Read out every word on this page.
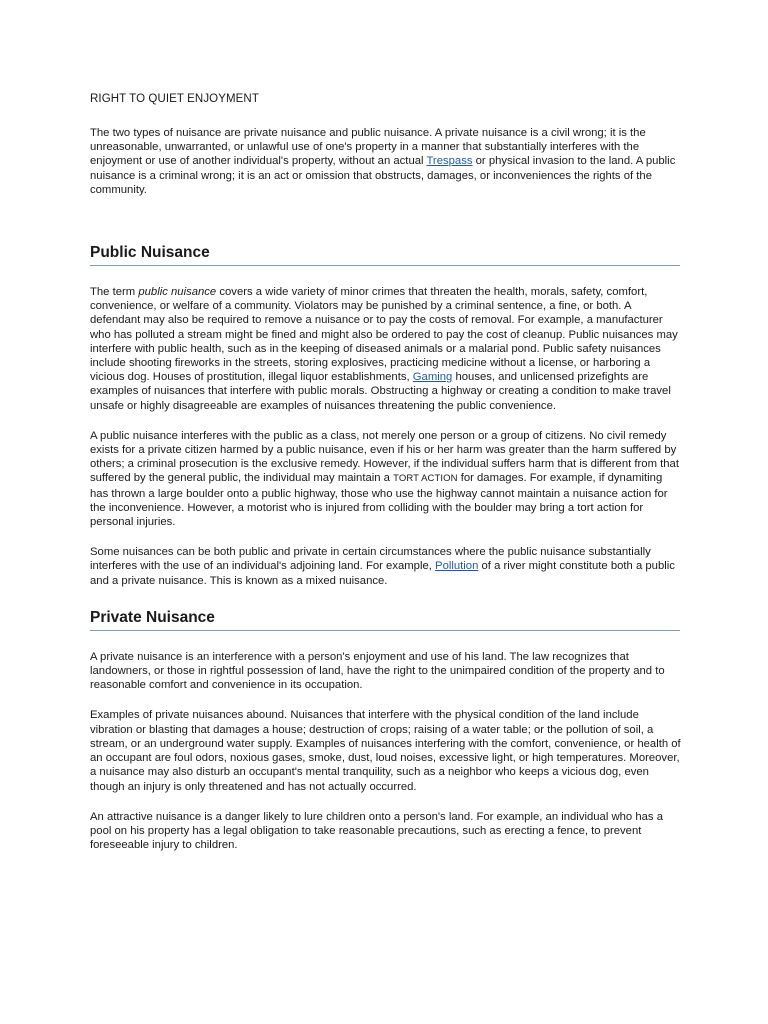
RIGHT TO QUIET ENJOYMENT

The two types of nuisance are private nuisance and public nuisance. A private nuisance is a civil wrong; it is the unreasonable, unwarranted, or unlawful use of one's property in a manner that substantially interferes with the enjoyment or use of another individual's property, without an actual Trespass or physical invasion to the land. A public nuisance is a criminal wrong; it is an act or omission that obstructs, damages, or inconveniences the rights of the community.

Public Nuisance

The term public nuisance covers a wide variety of minor crimes that threaten the health, morals, safety, comfort, convenience, or welfare of a community. Violators may be punished by a criminal sentence, a fine, or both. A defendant may also be required to remove a nuisance or to pay the costs of removal. For example, a manufacturer who has polluted a stream might be fined and might also be ordered to pay the cost of cleanup. Public nuisances may interfere with public health, such as in the keeping of diseased animals or a malarial pond. Public safety nuisances include shooting fireworks in the streets, storing explosives, practicing medicine without a license, or harboring a vicious dog. Houses of prostitution, illegal liquor establishments, Gaming houses, and unlicensed prizefights are examples of nuisances that interfere with public morals. Obstructing a highway or creating a condition to make travel unsafe or highly disagreeable are examples of nuisances threatening the public convenience.

A public nuisance interferes with the public as a class, not merely one person or a group of citizens. No civil remedy exists for a private citizen harmed by a public nuisance, even if his or her harm was greater than the harm suffered by others; a criminal prosecution is the exclusive remedy. However, if the individual suffers harm that is different from that suffered by the general public, the individual may maintain a TORT ACTION for damages. For example, if dynamiting has thrown a large boulder onto a public highway, those who use the highway cannot maintain a nuisance action for the inconvenience. However, a motorist who is injured from colliding with the boulder may bring a tort action for personal injuries.

Some nuisances can be both public and private in certain circumstances where the public nuisance substantially interferes with the use of an individual's adjoining land. For example, Pollution of a river might constitute both a public and a private nuisance. This is known as a mixed nuisance.

Private Nuisance

A private nuisance is an interference with a person's enjoyment and use of his land. The law recognizes that landowners, or those in rightful possession of land, have the right to the unimpaired condition of the property and to reasonable comfort and convenience in its occupation.

Examples of private nuisances abound. Nuisances that interfere with the physical condition of the land include vibration or blasting that damages a house; destruction of crops; raising of a water table; or the pollution of soil, a stream, or an underground water supply. Examples of nuisances interfering with the comfort, convenience, or health of an occupant are foul odors, noxious gases, smoke, dust, loud noises, excessive light, or high temperatures. Moreover, a nuisance may also disturb an occupant's mental tranquility, such as a neighbor who keeps a vicious dog, even though an injury is only threatened and has not actually occurred.

An attractive nuisance is a danger likely to lure children onto a person's land. For example, an individual who has a pool on his property has a legal obligation to take reasonable precautions, such as erecting a fence, to prevent foreseeable injury to children.
